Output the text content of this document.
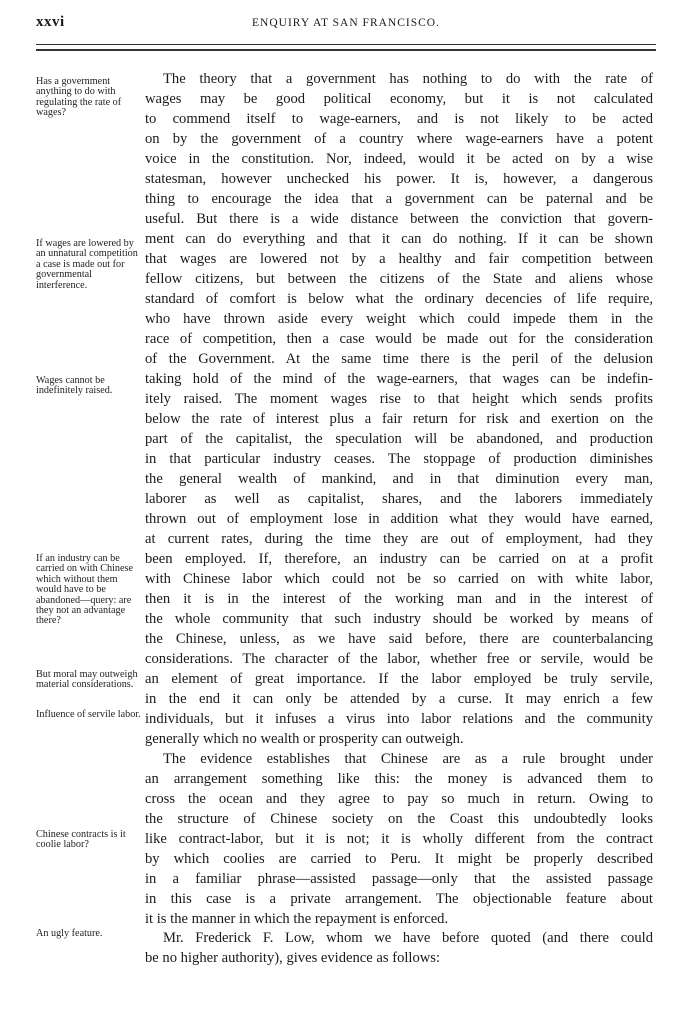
xxvi	ENQUIRY AT SAN FRANCISCO.
Has a government anything to do with regulating the rate of wages?
If wages are lowered by an unnatural competition a case is made out for governmental interference.
Wages cannot be indefinitely raised.
If an industry can be carried on with Chinese which without them would have to be abandoned—query: are they not an advantage there?
But moral may outweigh material considerations.
Influence of servile labor.
Chinese contracts is it coolie labor?
An ugly feature.
The theory that a government has nothing to do with the rate of
wages may be good political economy, but it is not calculated
to commend itself to wage-earners, and is not likely to be acted
on by the government of a country where wage-earners have a potent
voice in the constitution. Nor, indeed, would it be acted on by a wise
statesman, however unchecked his power. It is, however, a dangerous
thing to encourage the idea that a government can be paternal and be
useful. But there is a wide distance between the conviction that govern-
ment can do everything and that it can do nothing. If it can be shown
that wages are lowered not by a healthy and fair competition between
fellow citizens, but between the citizens of the State and aliens whose
standard of comfort is below what the ordinary decencies of life require,
who have thrown aside every weight which could impede them in the
race of competition, then a case would be made out for the consideration
of the Government. At the same time there is the peril of the delusion
taking hold of the mind of the wage-earners, that wages can be indefin-
itely raised. The moment wages rise to that height which sends profits
below the rate of interest plus a fair return for risk and exertion on the
part of the capitalist, the speculation will be abandoned, and production
in that particular industry ceases. The stoppage of production diminishes
the general wealth of mankind, and in that diminution every man,
laborer as well as capitalist, shares, and the laborers immediately
thrown out of employment lose in addition what they would have earned,
at current rates, during the time they are out of employment, had they
been employed. If, therefore, an industry can be carried on at a profit
with Chinese labor which could not be so carried on with white labor,
then it is in the interest of the working man and in the interest of
the whole community that such industry should be worked by means of
the Chinese, unless, as we have said before, there are counterbalancing
considerations. The character of the labor, whether free or servile, would be
an element of great importance. If the labor employed be truly servile,
in the end it can only be attended by a curse. It may enrich a few
individuals, but it infuses a virus into labor relations and the community
generally which no wealth or prosperity can outweigh.
The evidence establishes that Chinese are as a rule brought under
an arrangement something like this: the money is advanced them to
cross the ocean and they agree to pay so much in return. Owing to
the structure of Chinese society on the Coast this undoubtedly looks
like contract-labor, but it is not; it is wholly different from the contract
by which coolies are carried to Peru. It might be properly described
in a familiar phrase—assisted passage—only that the assisted passage
in this case is a private arrangement. The objectionable feature about
it is the manner in which the repayment is enforced.
Mr. Frederick F. Low, whom we have before quoted (and there could
be no higher authority), gives evidence as follows:
